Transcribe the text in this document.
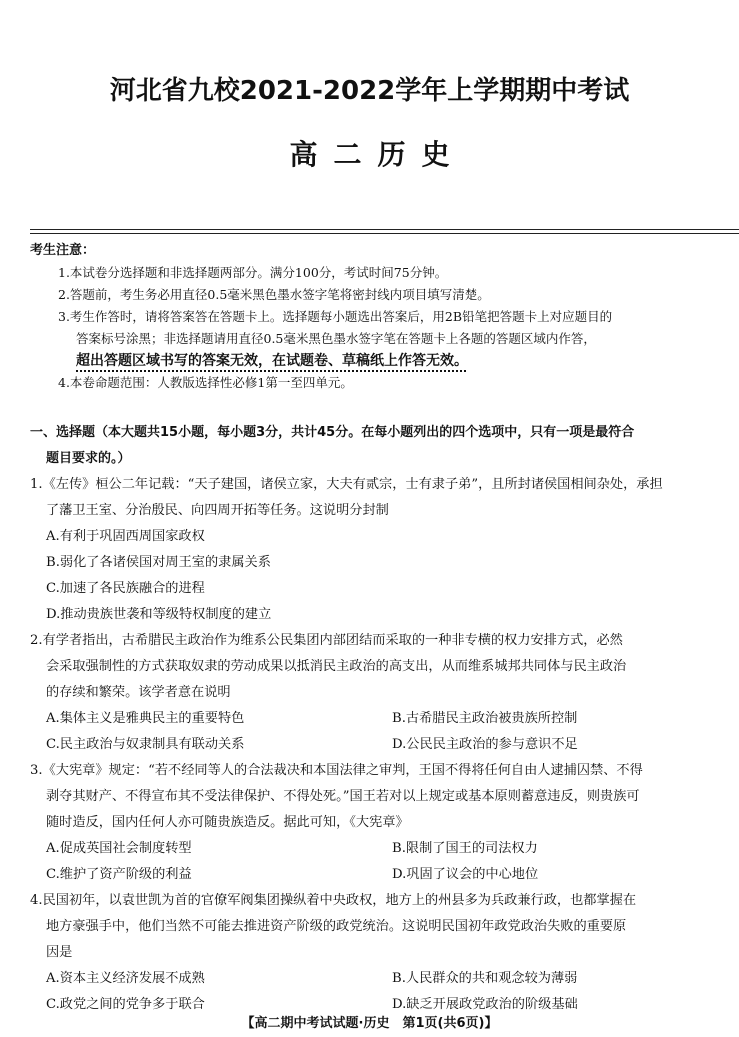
河北省九校2021-2022学年上学期期中考试
高二历史
考生注意：
1.本试卷分选择题和非选择题两部分。满分100分，考试时间75分钟。
2.答题前，考生务必用直径0.5毫米黑色墨水签字笔将密封线内项目填写清楚。
3.考生作答时，请将答案答在答题卡上。选择题每小题选出答案后，用2B铅笔把答题卡上对应题目的
答案标号涂黑；非选择题请用直径0.5毫米黑色墨水签字笔在答题卡上各题的答题区域内作答，
超出答题区域书写的答案无效，在试题卷、草稿纸上作答无效。
4.本卷命题范围：人教版选择性必修1第一至四单元。
一、选择题（本大题共15小题，每小题3分，共计45分。在每小题列出的四个选项中，只有一项是最符合
题目要求的。）
1.《左传》桓公二年记载：“天子建国，诸侯立家，大夫有贰宗，士有隶子弟”，且所封诸侯国相间杂处，承担
了藩卫王室、分治殷民、向四周开拓等任务。这说明分封制
A.有利于巩固西周国家政权
B.弱化了各诸侯国对周王室的隶属关系
C.加速了各民族融合的进程
D.推动贵族世袭和等级特权制度的建立
2.有学者指出，古希腊民主政治作为维系公民集团内部团结而采取的一种非专横的权力安排方式，必然
会采取强制性的方式获取奴隶的劳动成果以抵消民主政治的高支出，从而维系城邦共同体与民主政治
的存续和繁荣。该学者意在说明
A.集体主义是雅典民主的重要特色	B.古希腊民主政治被贵族所控制
C.民主政治与奴隶制具有联动关系	D.公民民主政治的参与意识不足
3.《大宪章》规定：“若不经同等人的合法裁决和本国法律之审判，王国不得将任何自由人逮捕囚禁、不得
剥夺其财产、不得宣布其不受法律保护、不得处死。”国王若对以上规定或基本原则蓄意违反，则贵族可
随时造反，国内任何人亦可随贵族造反。据此可知，《大宪章》
A.促成英国社会制度转型	B.限制了国王的司法权力
C.维护了资产阶级的利益	D.巩固了议会的中心地位
4.民国初年，以袁世凯为首的官僚军阀集团操纵着中央政权，地方上的州县多为兵政兼行政，也都掌握在
地方豪强手中，他们当然不可能去推进资产阶级的政党统治。这说明民国初年政党政治失败的重要原
因是
A.资本主义经济发展不成熟	B.人民群众的共和观念较为薄弱
C.政党之间的党争多于联合	D.缺乏开展政党政治的阶级基础
【高二期中考试试题·历史　第1页(共6页)】
